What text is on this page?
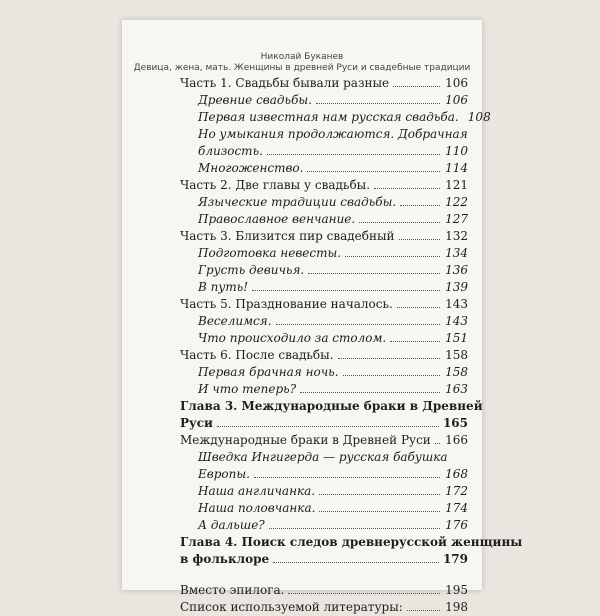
Николай Буканев
Девица, жена, мать. Женщины в древней Руси и свадебные традиции
Часть 1. Свадьбы бывали разные	106
Древние свадьбы.	106
Первая известная нам русская свадьба. 108
Но умыкания продолжаются. Добрачная
близость.	110
Многоженство.	114
Часть 2. Две главы у свадьбы.	121
Языческие традиции свадьбы.	122
Православное венчание.	127
Часть 3. Близится пир свадебный	132
Подготовка невесты.	134
Грусть девичья.	136
В путь!	139
Часть 5. Празднование началось.	143
Веселимся.	143
Что происходило за столом.	151
Часть 6. После свадьбы.	158
Первая брачная ночь.	158
И что теперь?	163
Глава 3. Международные браки в Древней
Руси	165
Международные браки в Древней Руси 166
Шведка Ингигерда — русская бабушка
Европы.	168
Наша англичанка.	172
Наша половчанка.	174
А дальше?	176
Глава 4. Поиск следов древнерусской женщины
в фольклоре	179
Вместо эпилога.	195
Список используемой литературы:	198
